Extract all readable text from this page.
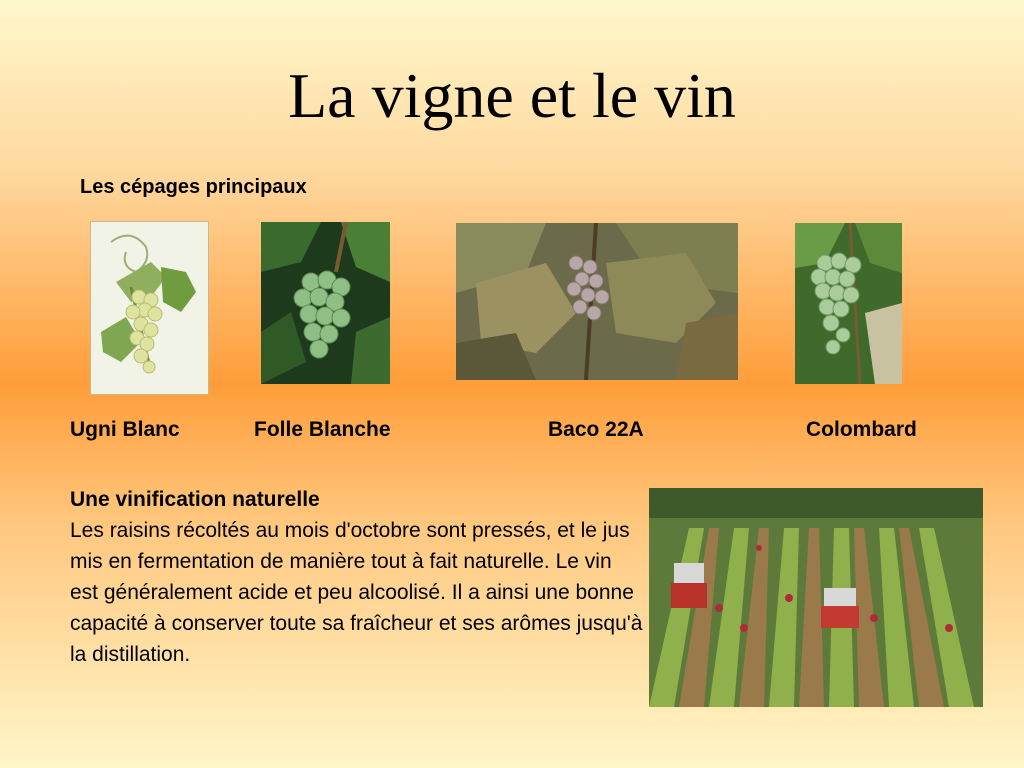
La vigne et le vin
Les cépages principaux
Ugni Blanc	Folle Blanche	Baco 22A	Colombard
Une vinification naturelle

Les raisins récoltés au mois d'octobre sont pressés, et le jus mis en fermentation de manière tout à fait naturelle. Le vin est généralement acide et peu alcoolisé. Il a ainsi une bonne capacité à conserver toute sa fraîcheur et ses arômes jusqu'à la distillation.
